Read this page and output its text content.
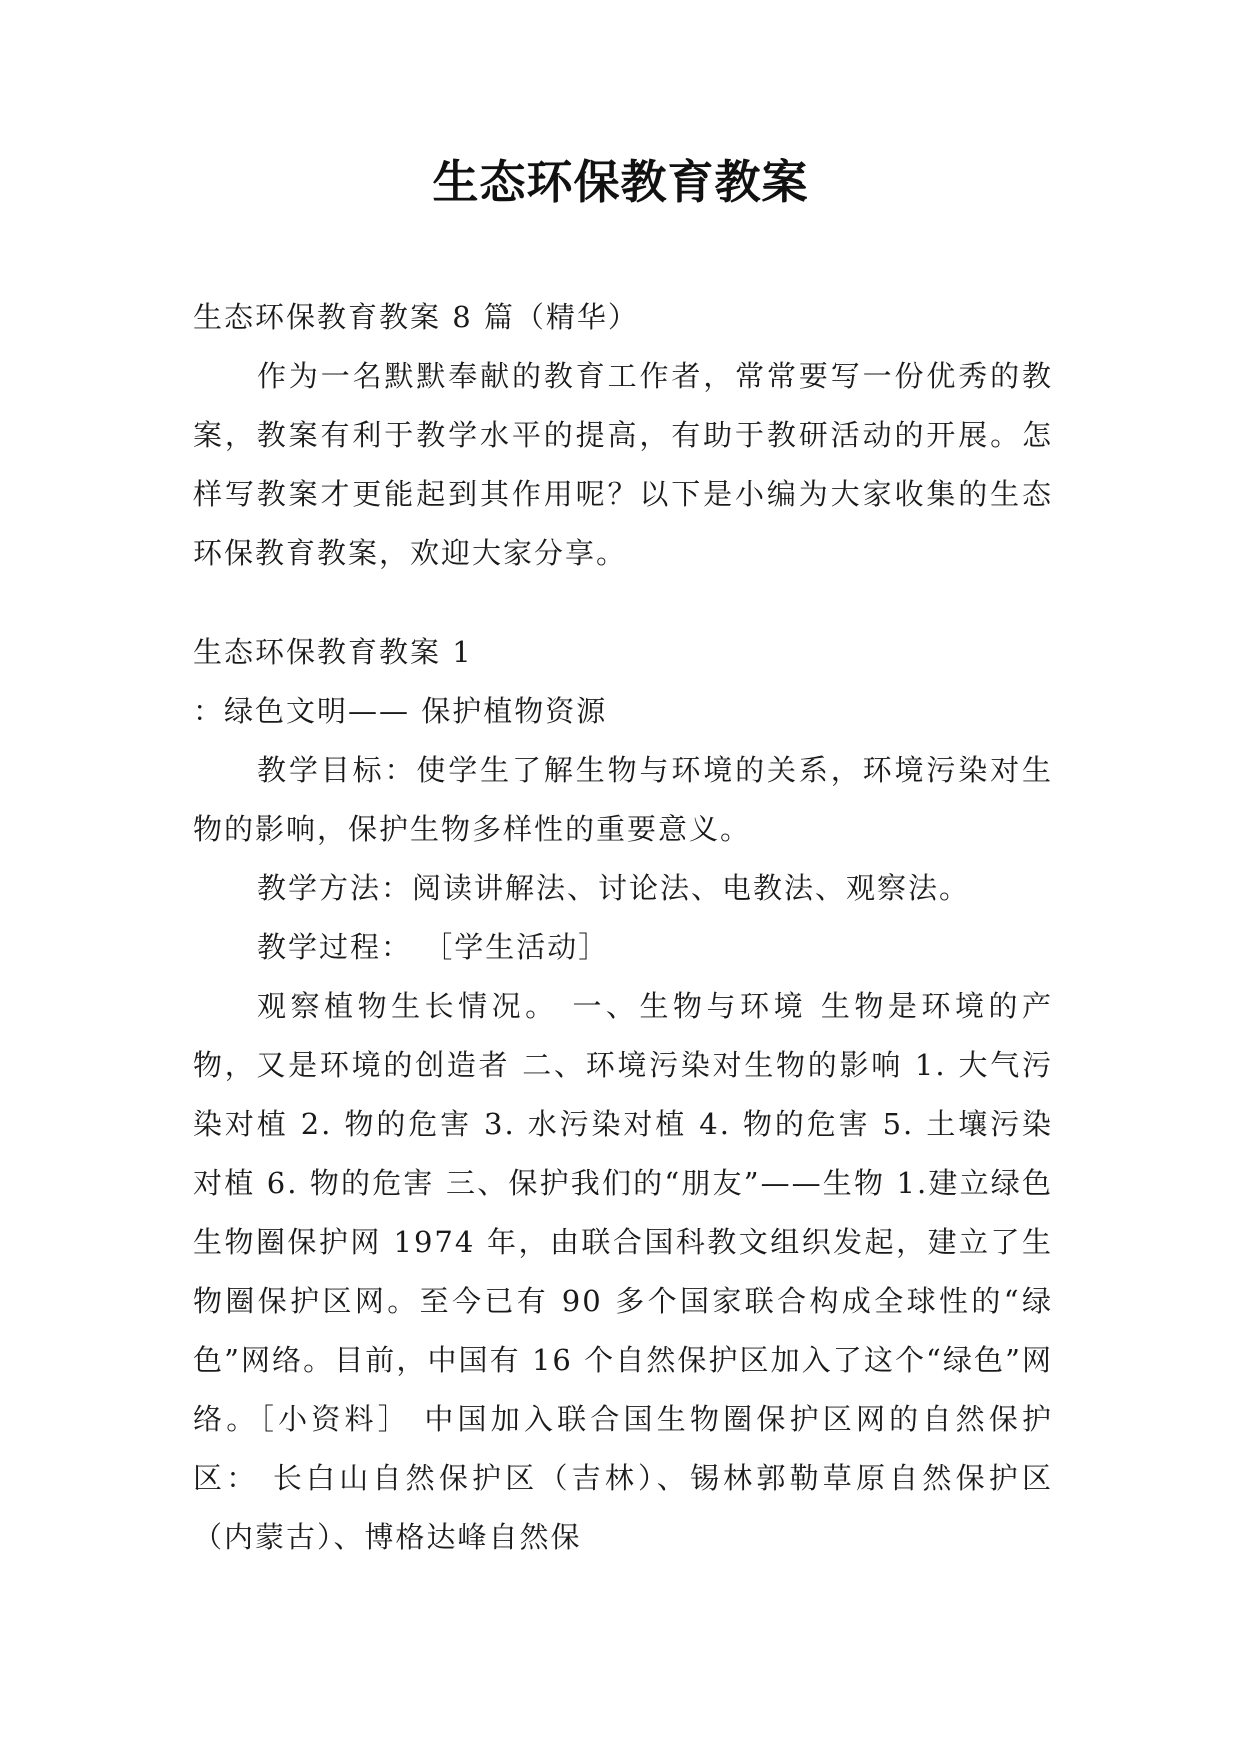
生态环保教育教案

生态环保教育教案 8 篇（精华）

作为一名默默奉献的教育工作者，常常要写一份优秀的教案，教案有利于教学水平的提高，有助于教研活动的开展。怎样写教案才更能起到其作用呢？以下是小编为大家收集的生态环保教育教案，欢迎大家分享。

生态环保教育教案 1

：绿色文明—— 保护植物资源

教学目标：使学生了解生物与环境的关系，环境污染对生物的影响，保护生物多样性的重要意义。

教学方法：阅读讲解法、讨论法、电教法、观察法。

教学过程： ［学生活动］

观察植物生长情况。 一、生物与环境 生物是环境的产物，又是环境的创造者 二、环境污染对生物的影响 1. 大气污染对植 2. 物的危害 3. 水污染对植 4. 物的危害 5. 土壤污染对植 6. 物的危害 三、保护我们的“朋友”——生物 1.建立绿色生物圈保护网 1974 年，由联合国科教文组织发起，建立了生物圈保护区网。至今已有 90 多个国家联合构成全球性的“绿色”网络。目前，中国有 16 个自然保护区加入了这个“绿色”网络。［小资料］ 中国加入联合国生物圈保护区网的自然保护区： 长白山自然保护区（吉林）、锡林郭勒草原自然保护区（内蒙古）、博格达峰自然保
